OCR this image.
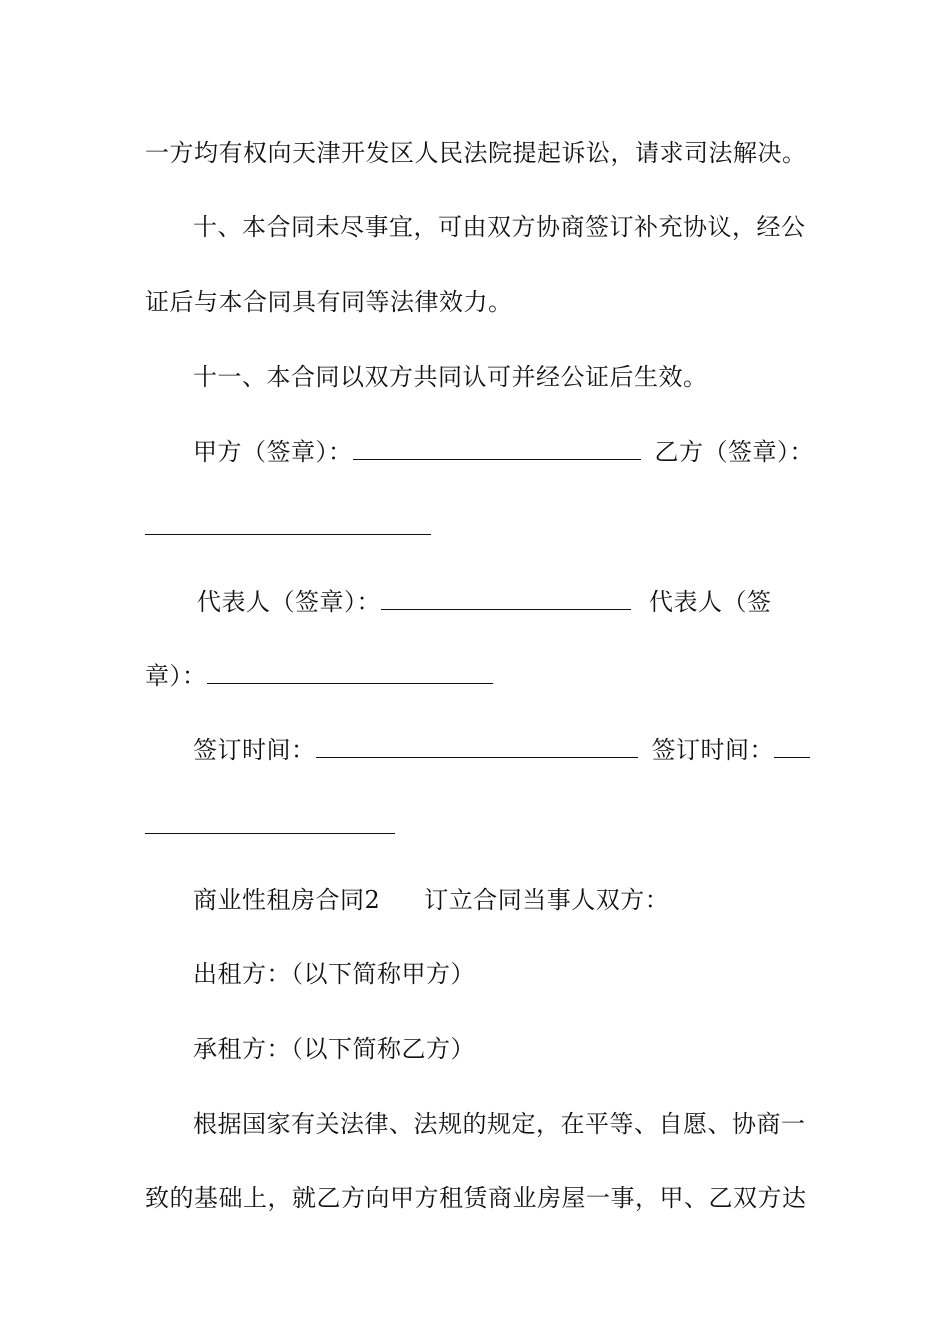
一方均有权向天津开发区人民法院提起诉讼，请求司法解决。
十、本合同未尽事宜，可由双方协商签订补充协议，经公
证后与本合同具有同等法律效力。
十一、本合同以双方共同认可并经公证后生效。
甲方（签章）：	乙方（签章）：
代表人（签章）：	代表人（签
章）：
签订时间：	签订时间：
商业性租房合同2 订立合同当事人双方：
出租方：（以下简称甲方）
承租方：（以下简称乙方）
根据国家有关法律、法规的规定，在平等、自愿、协商一
致的基础上，就乙方向甲方租赁商业房屋一事，甲、乙双方达
